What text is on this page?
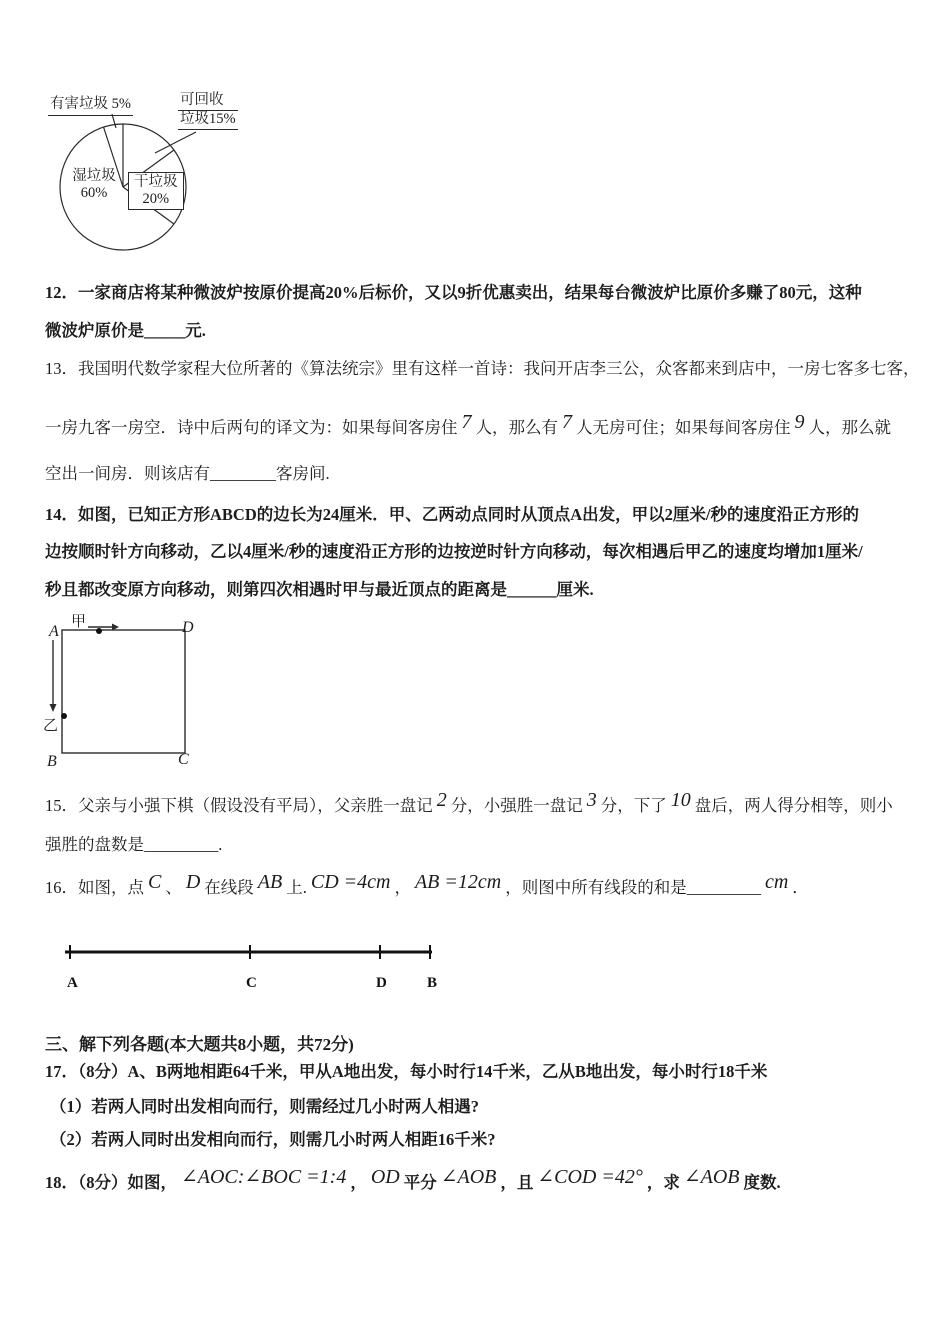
有害垃圾 5%	可回收
垃圾15%
湿垃圾
60%
干垃圾
20%
12．一家商店将某种微波炉按原价提高20%后标价，又以9折优惠卖出，结果每台微波炉比原价多赚了80元，这种
微波炉原价是_____元.
13．我国明代数学家程大位所著的《算法统宗》里有这样一首诗：我问开店李三公，众客都来到店中，一房七客多七客，
一房九客一房空．诗中后两句的译文为：如果每间客房住 7 人，那么有 7 人无房可住；如果每间客房住 9 人，那么就
空出一间房．则该店有________客房间.
14．如图，已知正方形ABCD的边长为24厘米．甲、乙两动点同时从顶点A出发，甲以2厘米/秒的速度沿正方形的
边按顺时针方向移动，乙以4厘米/秒的速度沿正方形的边按逆时针方向移动，每次相遇后甲乙的速度均增加1厘米/
秒且都改变原方向移动，则第四次相遇时甲与最近顶点的距离是______厘米.
甲
乙
A	D
B	C
15．父亲与小强下棋（假设没有平局），父亲胜一盘记 2 分，小强胜一盘记 3 分，下了 10 盘后，两人得分相等，则小
强胜的盘数是_________.
16．如图，点 C 、 D 在线段 AB 上. CD =4cm ， AB =12cm ，则图中所有线段的和是_________ cm ．
A	C	D	B
三、解下列各题(本大题共8小题，共72分)
17．（8分）A、B两地相距64千米，甲从A地出发，每小时行14千米，乙从B地出发，每小时行18千米
（1）若两人同时出发相向而行，则需经过几小时两人相遇?
（2）若两人同时出发相向而行，则需几小时两人相距16千米?
18．（8分）如图， ∠AOC:∠BOC =1:4 ， OD 平分 ∠AOB ，且 ∠COD =42° ，求 ∠AOB 度数.
